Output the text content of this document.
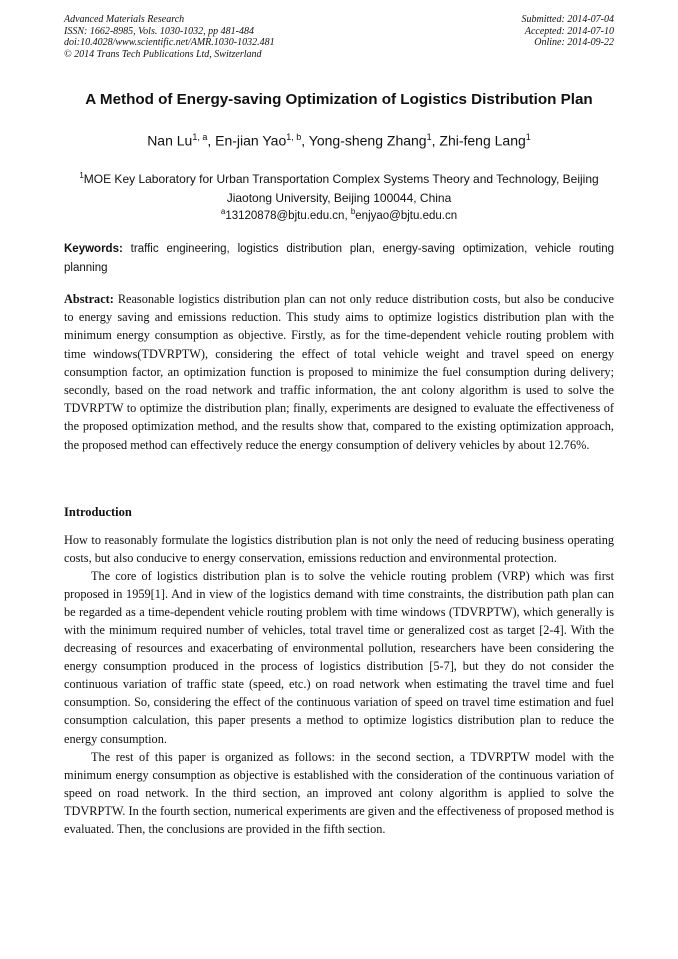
Advanced Materials Research
ISSN: 1662-8985, Vols. 1030-1032, pp 481-484
doi:10.4028/www.scientific.net/AMR.1030-1032.481
© 2014 Trans Tech Publications Ltd, Switzerland
Submitted: 2014-07-04
Accepted: 2014-07-10
Online: 2014-09-22
A Method of Energy-saving Optimization of Logistics Distribution Plan
Nan Lu$^{1, a}$, En-jian Yao$^{1, b}$, Yong-sheng Zhang$^1$, Zhi-feng Lang$^1$
$^1$MOE Key Laboratory for Urban Transportation Complex Systems Theory and Technology, Beijing Jiaotong University, Beijing 100044, China
$^a$13120878@bjtu.edu.cn, $^b$enjyao@bjtu.edu.cn
Keywords: traffic engineering, logistics distribution plan, energy-saving optimization, vehicle routing planning
Abstract: Reasonable logistics distribution plan can not only reduce distribution costs, but also be conducive to energy saving and emissions reduction. This study aims to optimize logistics distribution plan with the minimum energy consumption as objective. Firstly, as for the time-dependent vehicle routing problem with time windows(TDVRPTW), considering the effect of total vehicle weight and travel speed on energy consumption factor, an optimization function is proposed to minimize the fuel consumption during delivery; secondly, based on the road network and traffic information, the ant colony algorithm is used to solve the TDVRPTW to optimize the distribution plan; finally, experiments are designed to evaluate the effectiveness of the proposed optimization method, and the results show that, compared to the existing optimization approach, the proposed method can effectively reduce the energy consumption of delivery vehicles by about 12.76%.
Introduction

How to reasonably formulate the logistics distribution plan is not only the need of reducing business operating costs, but also conducive to energy conservation, emissions reduction and environmental protection.

The core of logistics distribution plan is to solve the vehicle routing problem (VRP) which was first proposed in 1959[1]. And in view of the logistics demand with time constraints, the distribution path plan can be regarded as a time-dependent vehicle routing problem with time windows (TDVRPTW), which generally is with the minimum required number of vehicles, total travel time or generalized cost as target [2-4]. With the decreasing of resources and exacerbating of environmental pollution, researchers have been considering the energy consumption produced in the process of logistics distribution [5-7], but they do not consider the continuous variation of traffic state (speed, etc.) on road network when estimating the travel time and fuel consumption. So, considering the effect of the continuous variation of speed on travel time estimation and fuel consumption calculation, this paper presents a method to optimize logistics distribution plan to reduce the energy consumption.

The rest of this paper is organized as follows: in the second section, a TDVRPTW model with the minimum energy consumption as objective is established with the consideration of the continuous variation of speed on road network. In the third section, an improved ant colony algorithm is applied to solve the TDVRPTW. In the fourth section, numerical experiments are given and the effectiveness of proposed method is evaluated. Then, the conclusions are provided in the fifth section.
